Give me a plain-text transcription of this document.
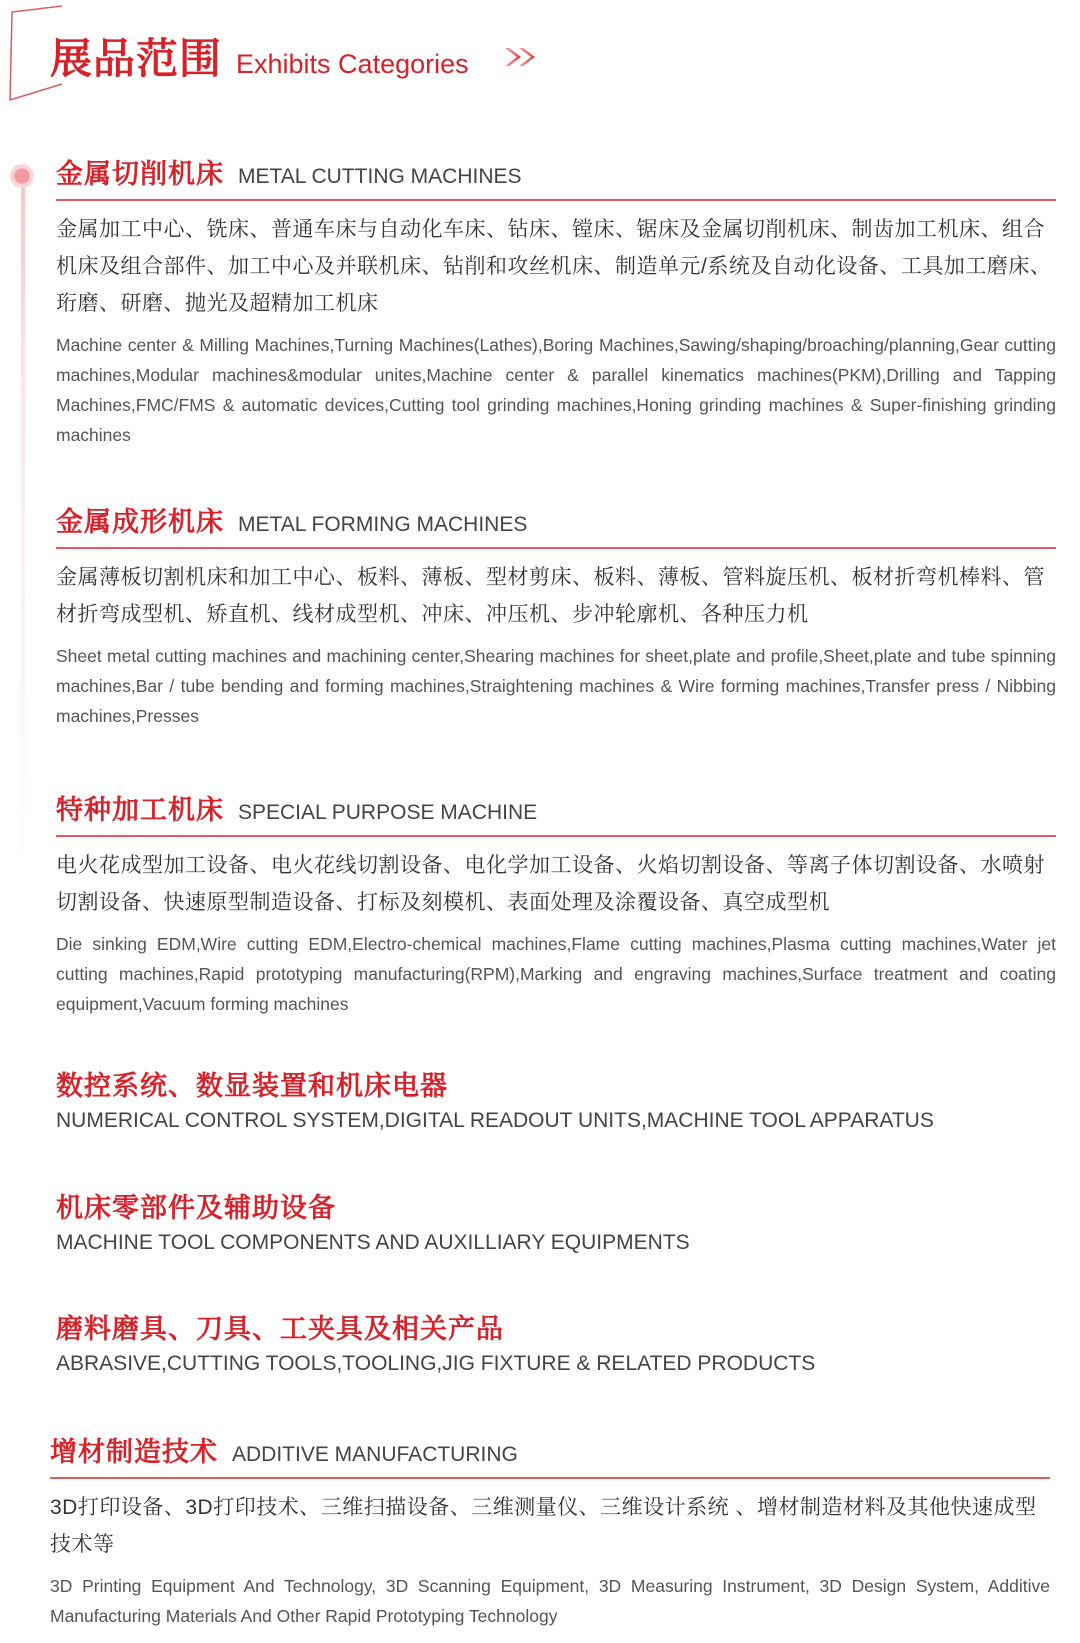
展品范围 Exhibits Categories
金属切削机床 METAL CUTTING MACHINES
金属加工中心、铣床、普通车床与自动化车床、钻床、镗床、锯床及金属切削机床、制齿加工机床、组合机床及组合部件、加工中心及并联机床、钻削和攻丝机床、制造单元/系统及自动化设备、工具加工磨床、珩磨、研磨、抛光及超精加工机床
Machine center & Milling Machines,Turning Machines(Lathes),Boring Machines,Sawing/shaping/broaching/planning,Gear cutting machines,Modular machines&modular unites,Machine center & parallel kinematics machines(PKM),Drilling and Tapping Machines,FMC/FMS & automatic devices,Cutting tool grinding machines,Honing grinding machines & Super-finishing grinding machines
金属成形机床 METAL FORMING MACHINES
金属薄板切割机床和加工中心、板料、薄板、型材剪床、板料、薄板、管料旋压机、板材折弯机棒料、管材折弯成型机、矫直机、线材成型机、冲床、冲压机、步冲轮廓机、各种压力机
Sheet metal cutting machines and machining center,Shearing machines for sheet,plate and profile,Sheet,plate and tube spinning machines,Bar / tube bending and forming machines,Straightening machines & Wire forming machines,Transfer press / Nibbing machines,Presses
特种加工机床 SPECIAL PURPOSE MACHINE
电火花成型加工设备、电火花线切割设备、电化学加工设备、火焰切割设备、等离子体切割设备、水喷射切割设备、快速原型制造设备、打标及刻模机、表面处理及涂覆设备、真空成型机
Die sinking EDM,Wire cutting EDM,Electro-chemical machines,Flame cutting machines,Plasma cutting machines,Water jet cutting machines,Rapid prototyping manufacturing(RPM),Marking and engraving machines,Surface treatment and coating equipment,Vacuum forming machines
数控系统、数显装置和机床电器
NUMERICAL CONTROL SYSTEM,DIGITAL READOUT UNITS,MACHINE TOOL APPARATUS
机床零部件及辅助设备
MACHINE TOOL COMPONENTS AND AUXILLIARY EQUIPMENTS
磨料磨具、刀具、工夹具及相关产品
ABRASIVE,CUTTING TOOLS,TOOLING,JIG FIXTURE & RELATED PRODUCTS
增材制造技术 ADDITIVE MANUFACTURING
3D打印设备、3D打印技术、三维扫描设备、三维测量仪、三维设计系统 、增材制造材料及其他快速成型技术等
3D Printing Equipment And Technology, 3D Scanning Equipment, 3D Measuring Instrument, 3D Design System, Additive Manufacturing Materials And Other Rapid Prototyping Technology
